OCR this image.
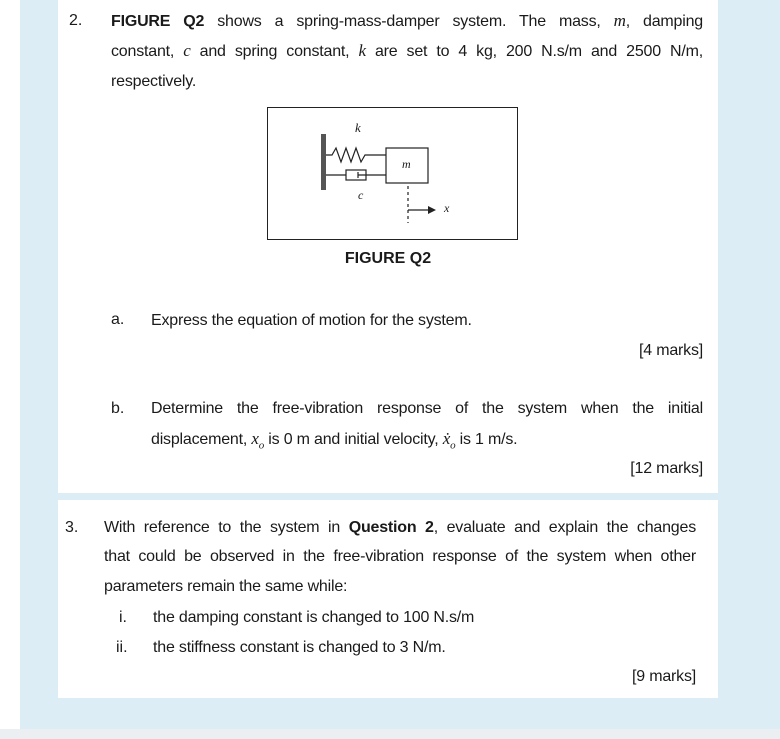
2. FIGURE Q2 shows a spring-mass-damper system. The mass, m, damping
constant, c and spring constant, k are set to 4 kg, 200 N.s/m and 2500 N/m,
respectively.
k
m
c
x
FIGURE Q2
a. Express the equation of motion for the system.
[4 marks]
b. Determine the free-vibration response of the system when the initial
displacement, $x_o$ is 0 m and initial velocity, ẋ$_o$ is 1 m/s.
[12 marks]
3. With reference to the system in Question 2, evaluate and explain the changes
that could be observed in the free-vibration response of the system when other
parameters remain the same while:
i. the damping constant is changed to 100 N.s/m
ii. the stiffness constant is changed to 3 N/m.
[9 marks]
